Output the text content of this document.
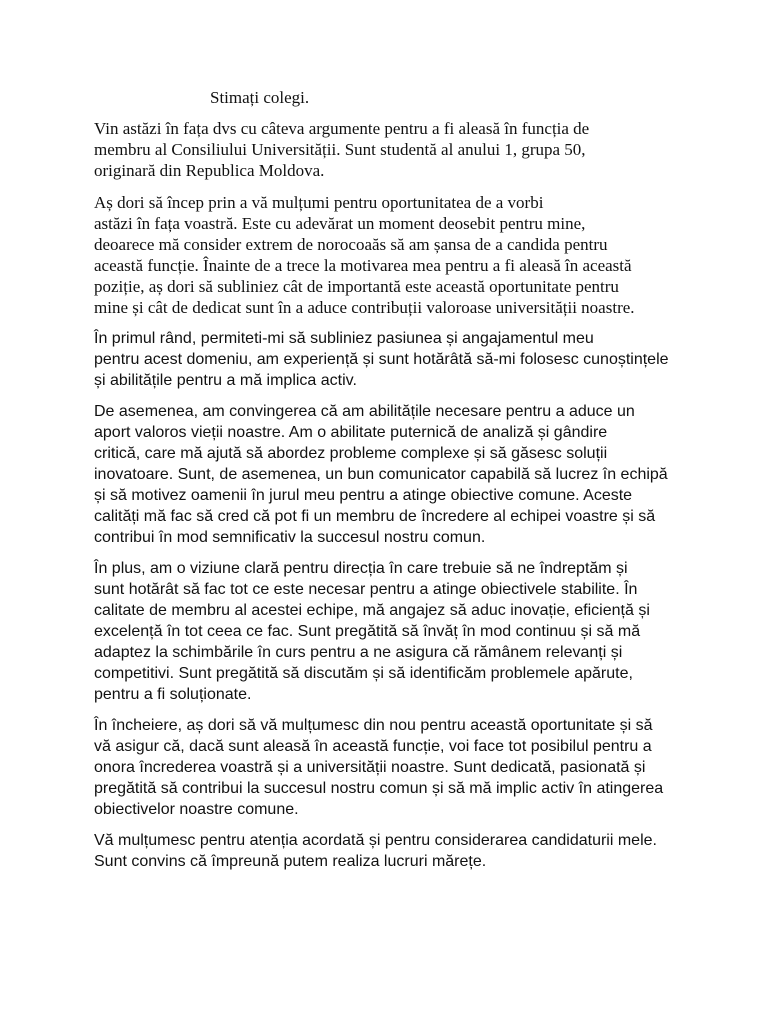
Stimați colegi.

Vin astăzi în fața dvs cu câteva argumente pentru a fi aleasă în funcția de
membru al Consiliului Universității. Sunt studentă al anului 1, grupa 50,
originară din Republica Moldova.

Aș dori să încep prin a vă mulțumi pentru oportunitatea de a vorbi
astăzi în fața voastră. Este cu adevărat un moment deosebit pentru mine,
deoarece mă consider extrem de norocoaăs să am șansa de a candida pentru
această funcție. Înainte de a trece la motivarea mea pentru a fi aleasă în această
poziție, aș dori să subliniez cât de importantă este această oportunitate pentru
mine și cât de dedicat sunt în a aduce contribuții valoroase universității noastre.

În primul rând, permiteti-mi să subliniez pasiunea și angajamentul meu
pentru acest domeniu, am experiență și sunt hotărâtă să-mi folosesc cunoștințele
și abilitățile pentru a mă implica activ.

De asemenea, am convingerea că am abilitățile necesare pentru a aduce un
aport valoros vieții noastre. Am o abilitate puternică de analiză și gândire
critică, care mă ajută să abordez probleme complexe și să găsesc soluții
inovatoare. Sunt, de asemenea, un bun comunicator capabilă să lucrez în echipă
și să motivez oamenii în jurul meu pentru a atinge obiective comune. Aceste
calități mă fac să cred că pot fi un membru de încredere al echipei voastre și să
contribui în mod semnificativ la succesul nostru comun.

În plus, am o viziune clară pentru direcția în care trebuie să ne îndreptăm și
sunt hotărât să fac tot ce este necesar pentru a atinge obiectivele stabilite. În
calitate de membru al acestei echipe, mă angajez să aduc inovație, eficiență și
excelență în tot ceea ce fac. Sunt pregătită să învăț în mod continuu și să mă
adaptez la schimbările în curs pentru a ne asigura că rămânem relevanți și
competitivi. Sunt pregătită să discutăm și să identificăm problemele apărute,
pentru a fi soluționate.

În încheiere, aș dori să vă mulțumesc din nou pentru această oportunitate și să
vă asigur că, dacă sunt aleasă în această funcție, voi face tot posibilul pentru a
onora încrederea voastră și a universității noastre. Sunt dedicată, pasionată și
pregătită să contribui la succesul nostru comun și să mă implic activ în atingerea
obiectivelor noastre comune.

Vă mulțumesc pentru atenția acordată și pentru considerarea candidaturii mele.
Sunt convins că împreună putem realiza lucruri mărețe.
